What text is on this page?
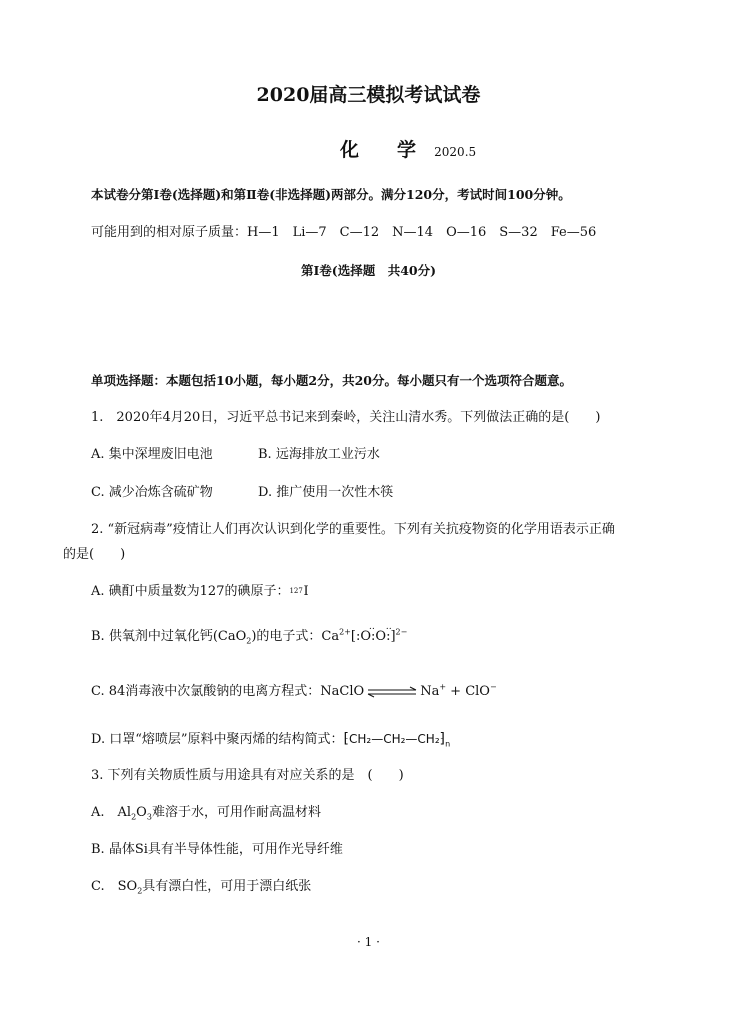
2020届高三模拟考试试卷
化　　学 2020.5
本试卷分第Ⅰ卷(选择题)和第Ⅱ卷(非选择题)两部分。满分120分，考试时间100分钟。
可能用到的相对原子质量：H—1　Li—7　C—12　N—14　O—16　S—32　Fe—56
第Ⅰ卷(选择题　共40分)
单项选择题：本题包括10小题，每小题2分，共20分。每小题只有一个选项符合题意。
1.　2020年4月20日，习近平总书记来到秦岭，关注山清水秀。下列做法正确的是(　　)
A. 集中深埋废旧电池	B. 远海排放工业污水
C. 减少冶炼含硫矿物	D. 推广使用一次性木筷
2. “新冠病毒”疫情让人们再次认识到化学的重要性。下列有关抗疫物资的化学用语表示正确
的是(　　)
A. 碘酊中质量数为127的碘原子： 127 I
B. 供氧剂中过氧化钙(CaO$_2$)的电子式：$Ca^{2+}$
‥ ‥
[:O:O:]$^{2-}$
C. 84消毒液中次氯酸钠的电离方程式：NaClO ⇌ Na+ + ClO−
D. 口罩“熔喷层”原料中聚丙烯的结构简式：$⁅CH_2—CH_2—CH_2⁆_n$
3. 下列有关物质性质与用途具有对应关系的是　(　　)
A.　$Al_2O_3$难溶于水，可用作耐高温材料
B. 晶体Si具有半导体性能，可用作光导纤维
C.　$SO_2$具有漂白性，可用于漂白纸张
· 1 ·
